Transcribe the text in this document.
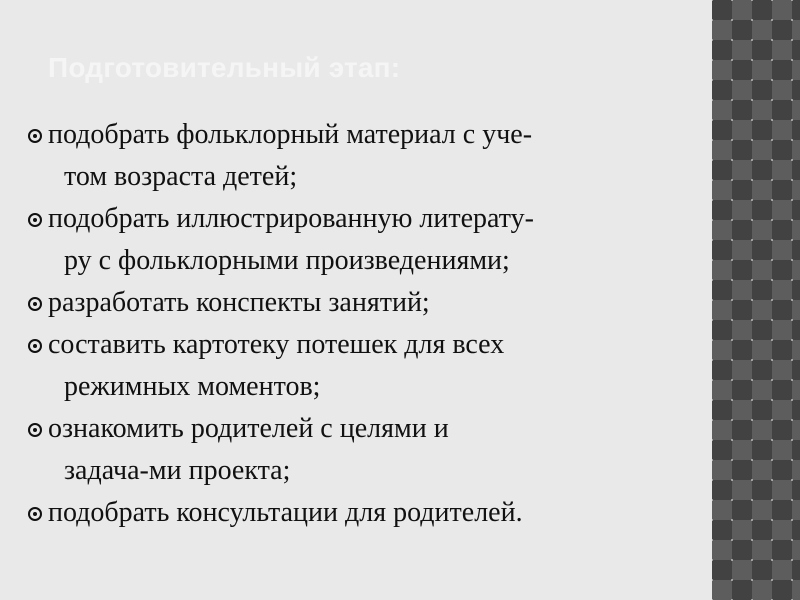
Подготовительный этап:
подобрать фольклорный материал с уче-
том возраста детей;
подобрать иллюстрированную литерату-
ру с фольклорными произведениями;
разработать конспекты занятий;
составить картотеку потешек для всех
режимных моментов;
ознакомить родителей с целями и
задача-ми проекта;
подобрать консультации для родителей.
